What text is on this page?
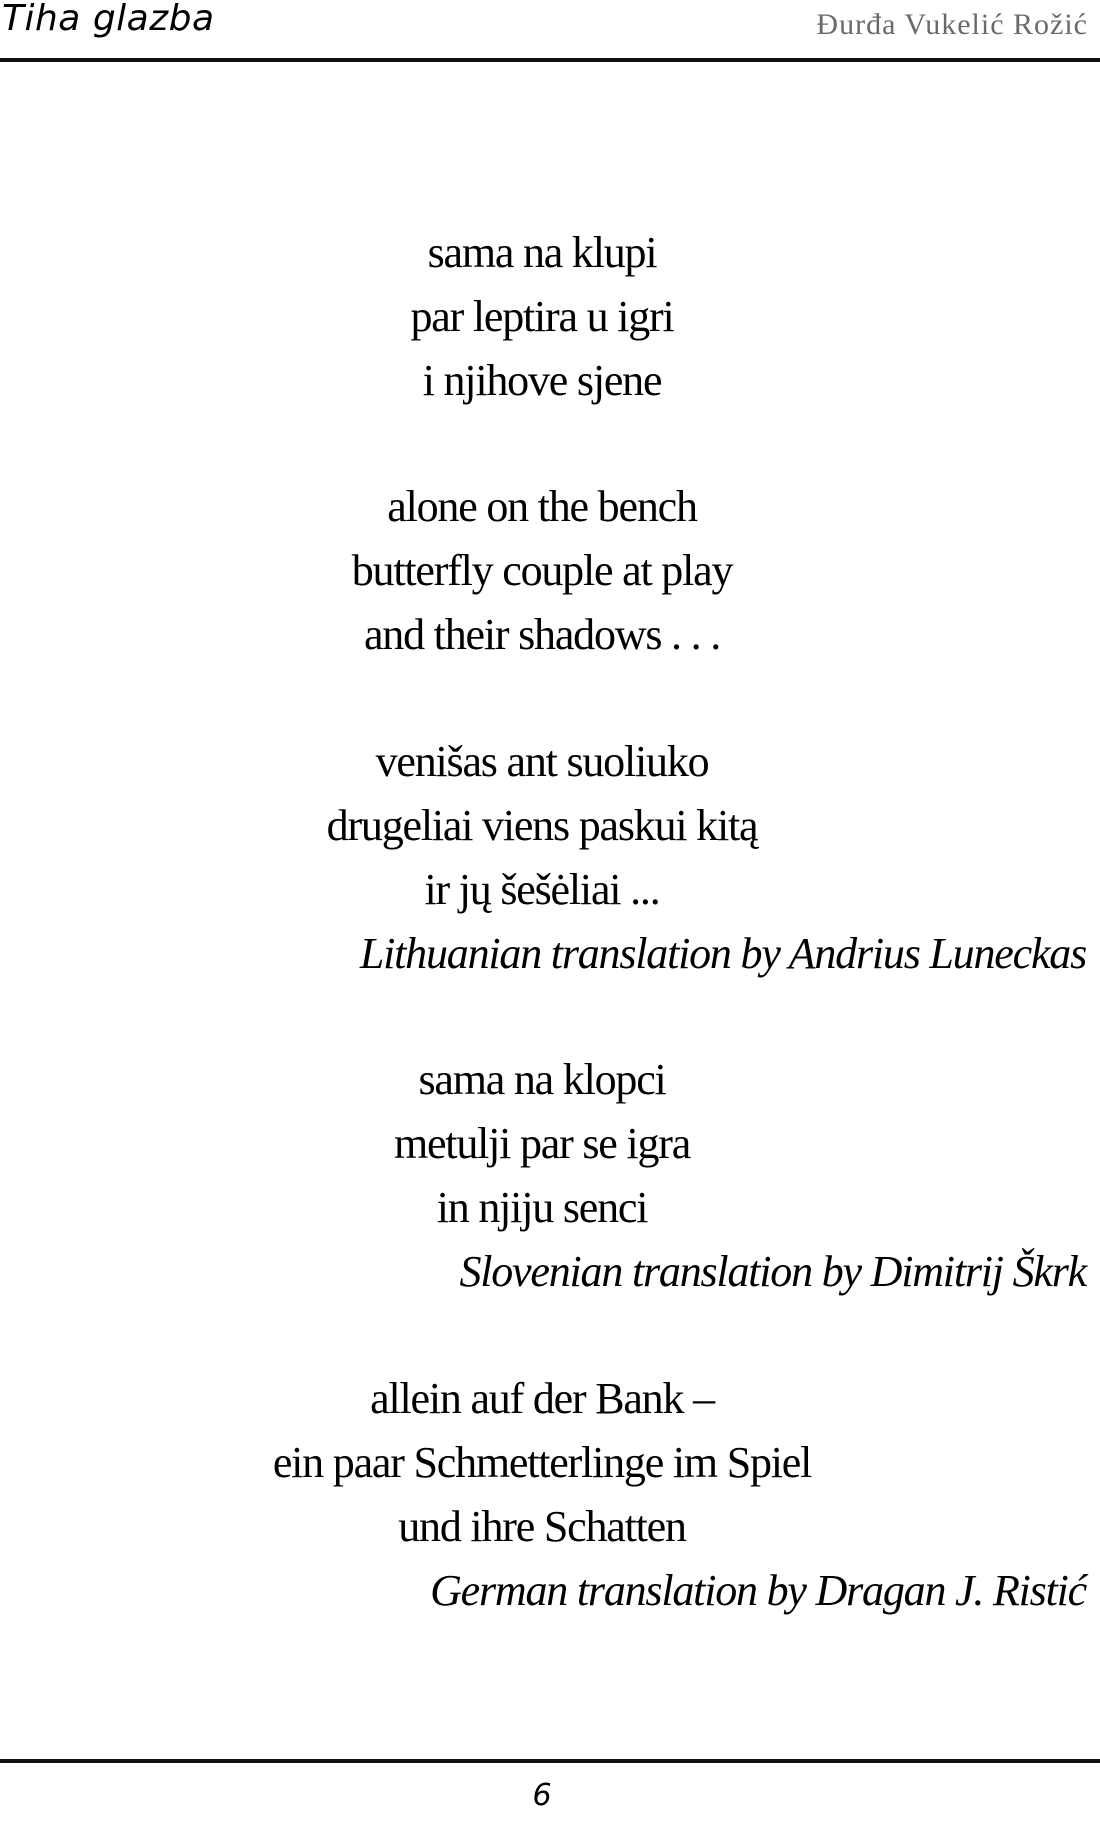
Tiha glazba	Đurđa Vukelić Rožić
sama na klupi
par leptira u igri
i njihove sjene
alone on the bench
butterfly couple at play
and their shadows . . .
venišas ant suoliuko
drugeliai viens paskui kitą
ir jų šešėliai ...
Lithuanian translation by Andrius Luneckas
sama na klopci
metulji par se igra
in njiju senci
Slovenian translation by Dimitrij Škrk
allein auf der Bank –
ein paar Schmetterlinge im Spiel
und ihre Schatten
German translation by Dragan J. Ristić
6
